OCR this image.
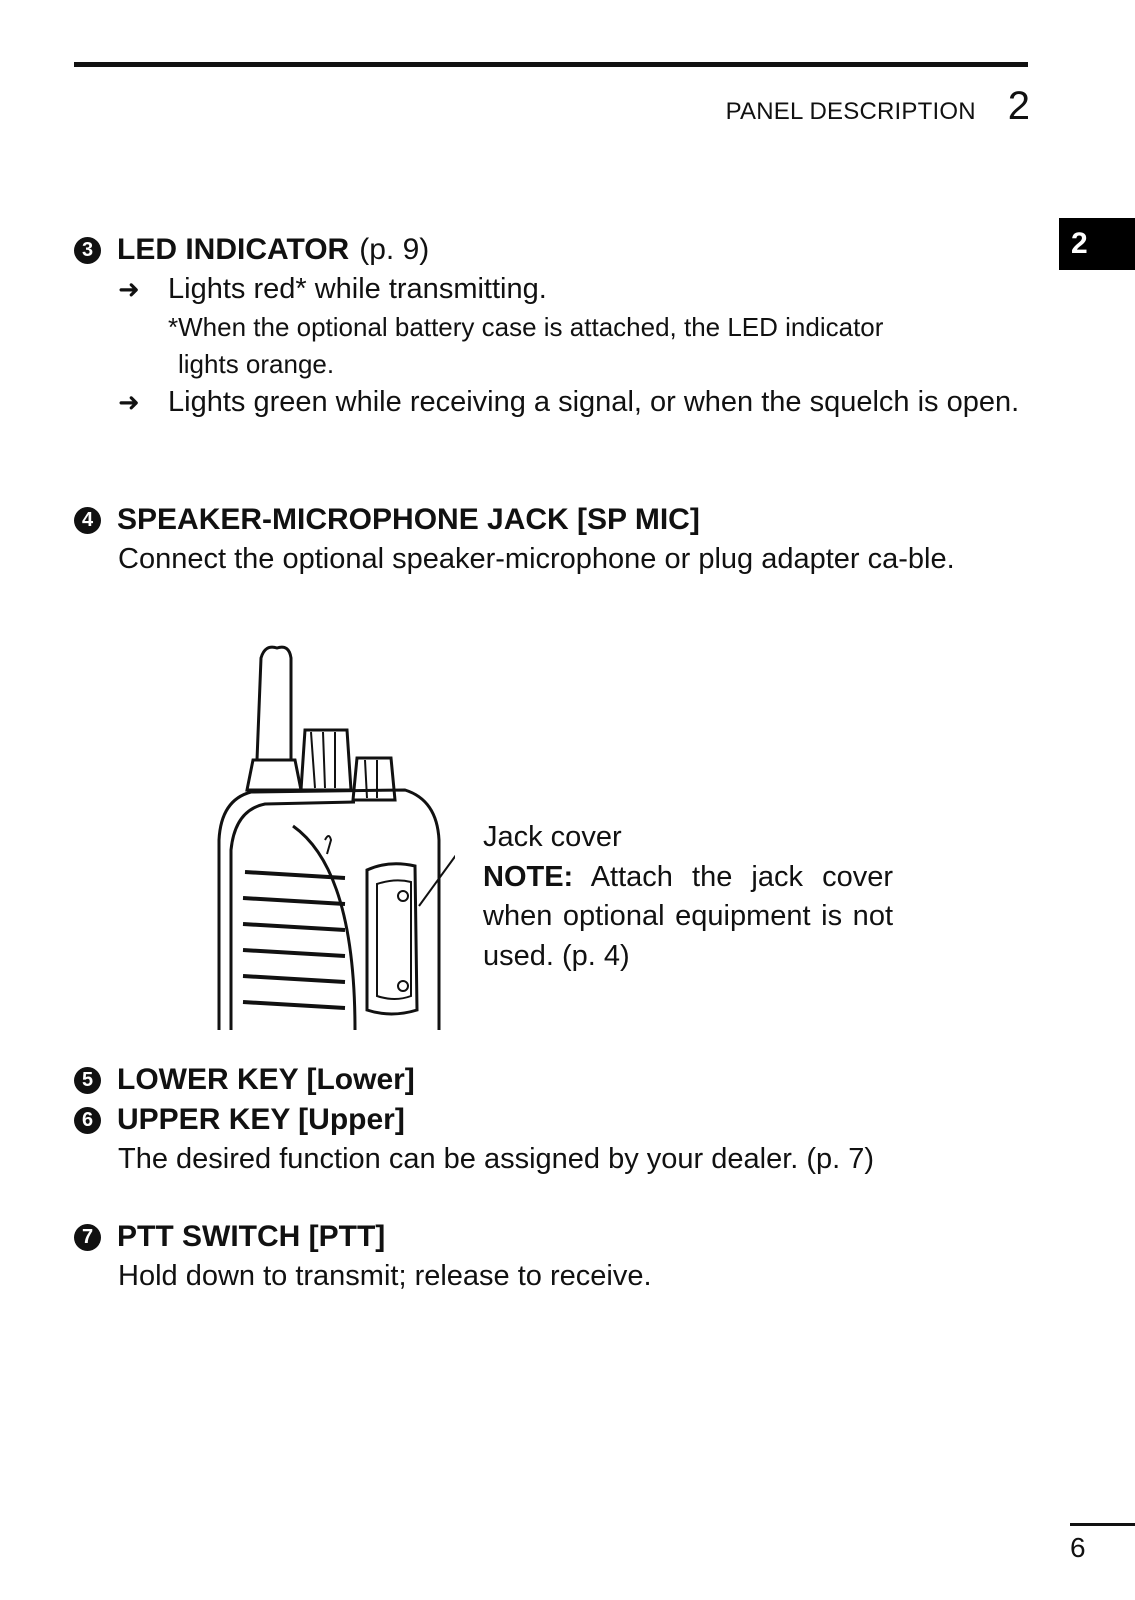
PANEL DESCRIPTION 2
2
3 LED INDICATOR (p. 9)
➜ Lights red* while transmitting.
*When the optional battery case is attached, the LED indicator
lights orange.
➜ Lights green while receiving a signal, or when the squelch is open.
4 SPEAKER-MICROPHONE JACK [SP MIC]
Connect the optional speaker-microphone or plug adapter ca-ble.
Jack cover
NOTE: Attach the jack cover when optional equipment is not used. (p. 4)
5 LOWER KEY [Lower]
6 UPPER KEY [Upper]
The desired function can be assigned by your dealer. (p. 7)
7 PTT SWITCH [PTT]
Hold down to transmit; release to receive.
6
